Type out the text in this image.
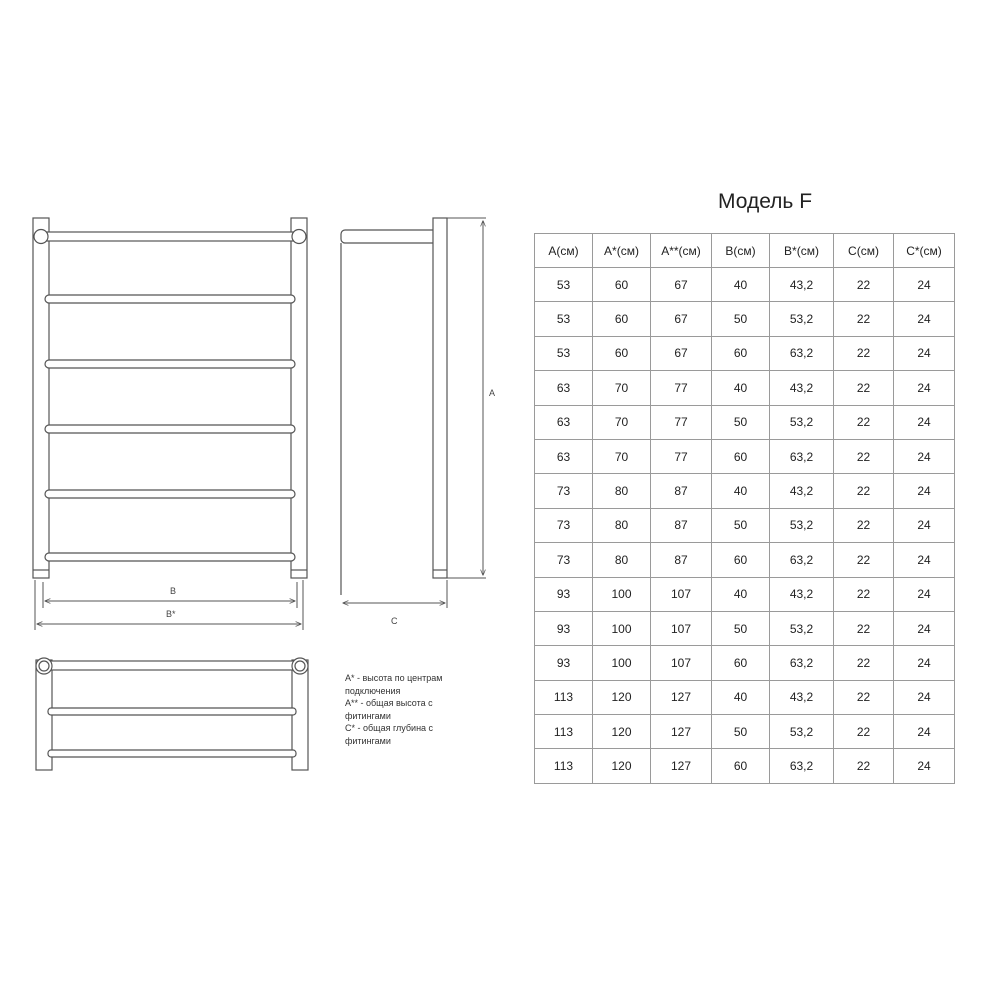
B
B*
A
C
A* - высота по центрам подключения
A** - общая высота с фитингами
C* - общая глубина с фитингами
Модель F
A(см)	A*(см)	A**(см)	B(см)	B*(см)	C(см)	C*(см)
53	60	67	40	43,2	22	24
53	60	67	50	53,2	22	24
53	60	67	60	63,2	22	24
63	70	77	40	43,2	22	24
63	70	77	50	53,2	22	24
63	70	77	60	63,2	22	24
73	80	87	40	43,2	22	24
73	80	87	50	53,2	22	24
73	80	87	60	63,2	22	24
93	100	107	40	43,2	22	24
93	100	107	50	53,2	22	24
93	100	107	60	63,2	22	24
113	120	127	40	43,2	22	24
113	120	127	50	53,2	22	24
113	120	127	60	63,2	22	24
